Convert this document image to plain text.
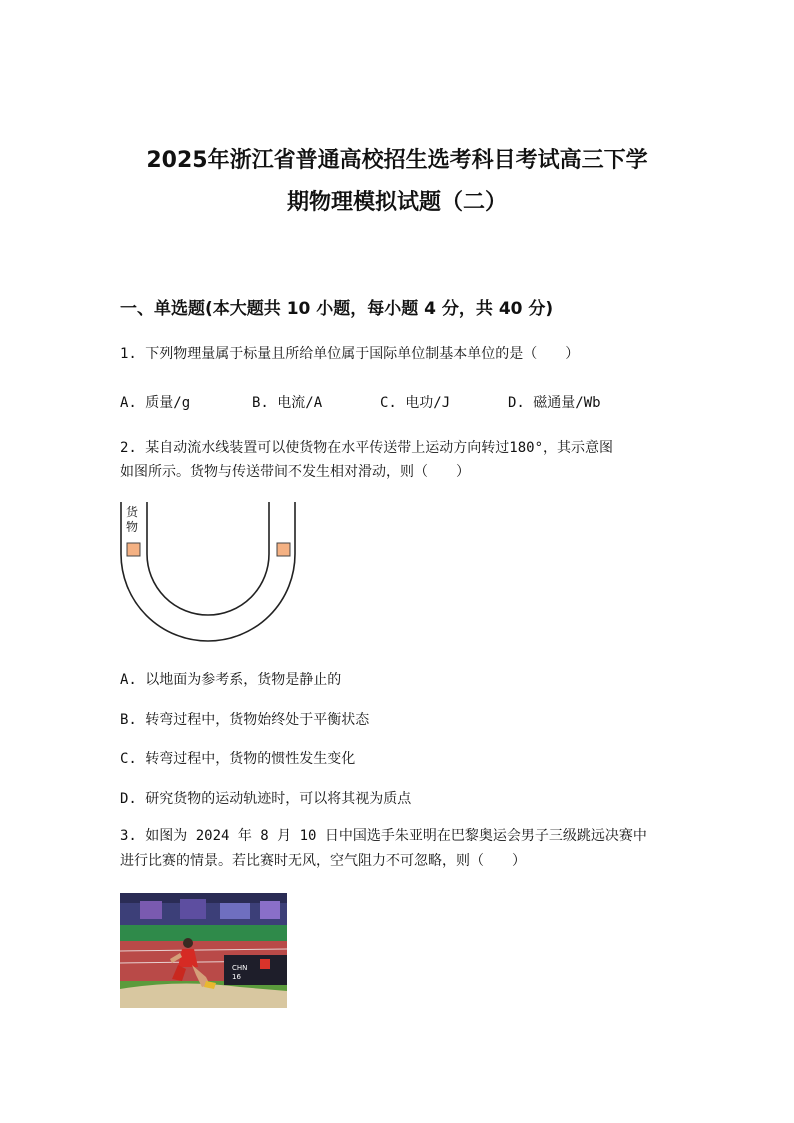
2025年浙江省普通高校招生选考科目考试高三下学
期物理模拟试题（二）
一、单选题(本大题共 10 小题，每小题 4 分，共 40 分)
1. 下列物理量属于标量且所给单位属于国际单位制基本单位的是（　　）
A. 质量/g	B. 电流/A	C. 电功/J	D. 磁通量/Wb
2. 某自动流水线装置可以使货物在水平传送带上运动方向转过180°，其示意图
如图所示。货物与传送带间不发生相对滑动，则（　　）
货物
A. 以地面为参考系，货物是静止的
B. 转弯过程中，货物始终处于平衡状态
C. 转弯过程中，货物的惯性发生变化
D. 研究货物的运动轨迹时，可以将其视为质点
3. 如图为 2024 年 8 月 10 日中国选手朱亚明在巴黎奥运会男子三级跳远决赛中
进行比赛的情景。若比赛时无风，空气阻力不可忽略，则（　　）
CHN
16
